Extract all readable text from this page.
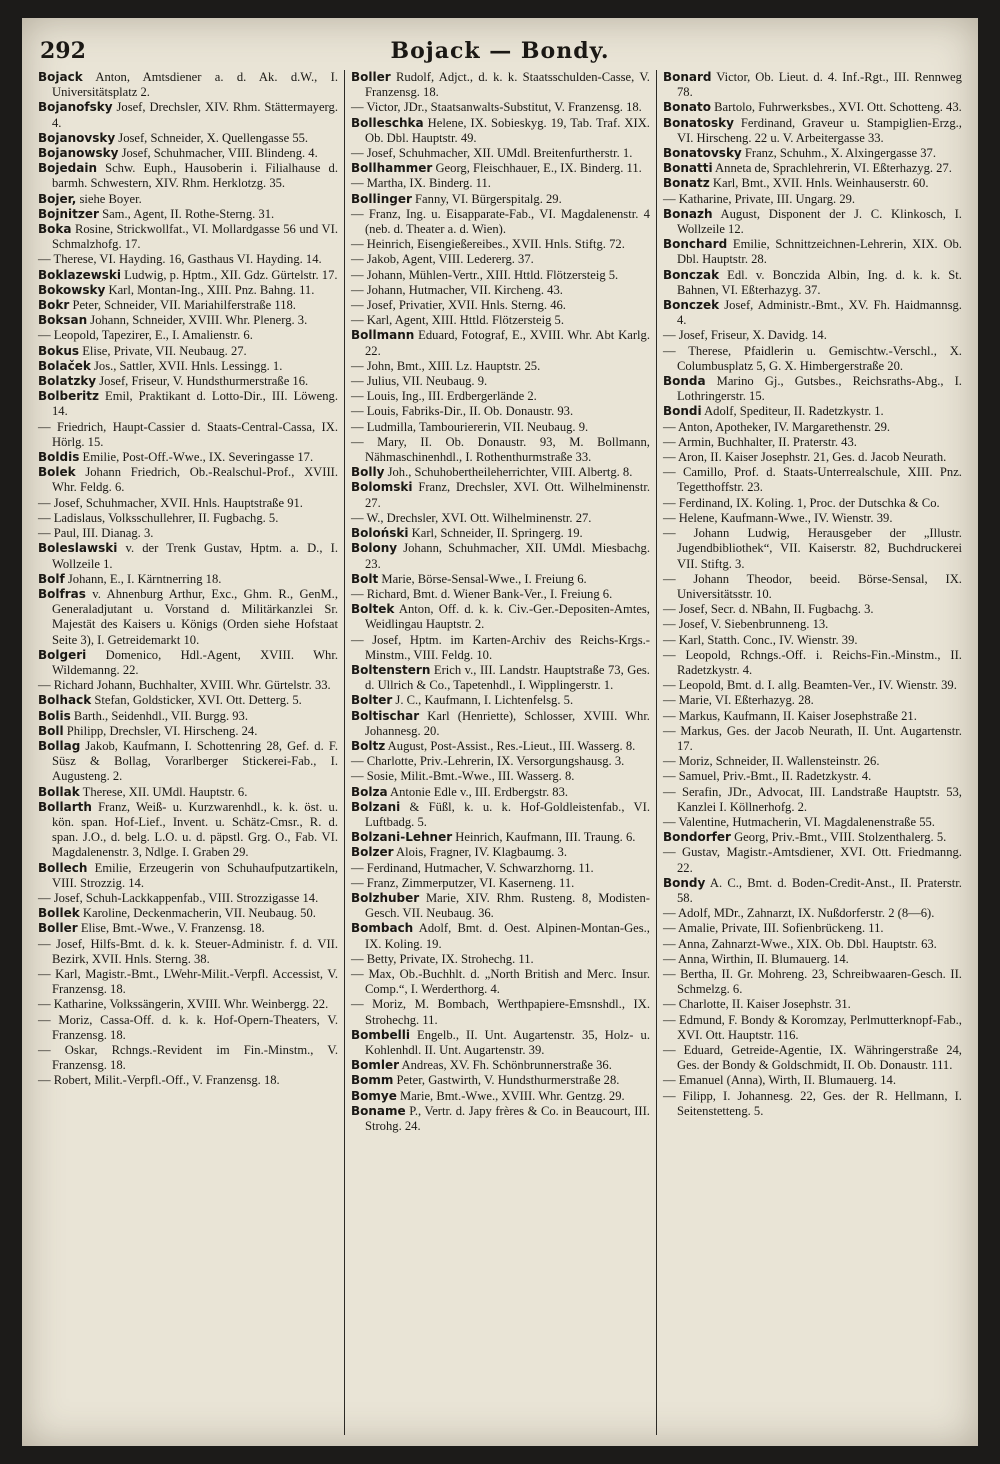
292	Bojack — Bondy.

Bojack Anton, Amtsdiener a. d. Ak. d.W., I. Universitätsplatz 2.

Bojanofsky Josef, Drechsler, XIV. Rhm. Stättermayerg. 4.

Bojanovsky Josef, Schneider, X. Quellengasse 55.

Bojanowsky Josef, Schuhmacher, VIII. Blindeng. 4.

Bojedain Schw. Euph., Hausoberin i. Filialhause d. barmh. Schwestern, XIV. Rhm. Herklotzg. 35.

Bojer, siehe Boyer.

Bojnitzer Sam., Agent, II. Rothe-Sterng. 31.

Boka Rosine, Strickwollfat., VI. Mollardgasse 56 und VI. Schmalzhofg. 17.

— Therese, VI. Hayding. 16, Gasthaus VI. Hayding. 14.

Boklazewski Ludwig, p. Hptm., XII. Gdz. Gürtelstr. 17.

Bokowsky Karl, Montan-Ing., XIII. Pnz. Bahng. 11.

Bokr Peter, Schneider, VII. Mariahilferstraße 118.

Boksan Johann, Schneider, XVIII. Whr. Plenerg. 3.

— Leopold, Tapezirer, E., I. Amalienstr. 6.

Bokus Elise, Private, VII. Neubaug. 27.

Bolaček Jos., Sattler, XVII. Hnls. Lessingg. 1.

Bolatzky Josef, Friseur, V. Hundsthurmerstraße 16.

Bolberitz Emil, Praktikant d. Lotto-Dir., III. Löweng. 14.

— Friedrich, Haupt-Cassier d. Staats-Central-Cassa, IX. Hörlg. 15.

Boldis Emilie, Post-Off.-Wwe., IX. Severingasse 17.

Bolek Johann Friedrich, Ob.-Realschul-Prof., XVIII. Whr. Feldg. 6.

— Josef, Schuhmacher, XVII. Hnls. Hauptstraße 91.

— Ladislaus, Volksschullehrer, II. Fugbachg. 5.

— Paul, III. Dianag. 3.

Boleslawski v. der Trenk Gustav, Hptm. a. D., I. Wollzeile 1.

Bolf Johann, E., I. Kärntnerring 18.

Bolfras v. Ahnenburg Arthur, Exc., Ghm. R., GenM., Generaladjutant u. Vorstand d. Militärkanzlei Sr. Majestät des Kaisers u. Königs (Orden siehe Hofstaat Seite 3), I. Getreidemarkt 10.

Bolgeri Domenico, Hdl.-Agent, XVIII. Whr. Wildemanng. 22.

— Richard Johann, Buchhalter, XVIII. Whr. Gürtelstr. 33.

Bolhack Stefan, Goldsticker, XVI. Ott. Detterg. 5.

Bolis Barth., Seidenhdl., VII. Burgg. 93.

Boll Philipp, Drechsler, VI. Hirscheng. 24.

Bollag Jakob, Kaufmann, I. Schottenring 28, Gef. d. F. Süsz & Bollag, Vorarlberger Stickerei-Fab., I. Augusteng. 2.

Bollak Therese, XII. UMdl. Hauptstr. 6.

Bollarth Franz, Weiß- u. Kurzwarenhdl., k. k. öst. u. kön. span. Hof-Lief., Invent. u. Schätz-Cmsr., R. d. span. J.O., d. belg. L.O. u. d. päpstl. Grg. O., Fab. VI. Magdalenenstr. 3, Ndlge. I. Graben 29.

Bollech Emilie, Erzeugerin von Schuhaufputzartikeln, VIII. Strozzig. 14.

— Josef, Schuh-Lackkappenfab., VIII. Strozzigasse 14.

Bollek Karoline, Deckenmacherin, VII. Neubaug. 50.

Boller Elise, Bmt.-Wwe., V. Franzensg. 18.

— Josef, Hilfs-Bmt. d. k. k. Steuer-Administr. f. d. VII. Bezirk, XVII. Hnls. Sterng. 38.

— Karl, Magistr.-Bmt., LWehr-Milit.-Verpfl. Accessist, V. Franzensg. 18.

— Katharine, Volkssängerin, XVIII. Whr. Weinbergg. 22.

— Moriz, Cassa-Off. d. k. k. Hof-Opern-Theaters, V. Franzensg. 18.

— Oskar, Rchngs.-Revident im Fin.-Minstm., V. Franzensg. 18.

— Robert, Milit.-Verpfl.-Off., V. Franzensg. 18.

Boller Rudolf, Adjct., d. k. k. Staatsschulden-Casse, V. Franzensg. 18.

— Victor, JDr., Staatsanwalts-Substitut, V. Franzensg. 18.

Bolleschka Helene, IX. Sobieskyg. 19, Tab. Traf. XIX. Ob. Dbl. Hauptstr. 49.

— Josef, Schuhmacher, XII. UMdl. Breitenfurtherstr. 1.

Bollhammer Georg, Fleischhauer, E., IX. Binderg. 11.

— Martha, IX. Binderg. 11.

Bollinger Fanny, VI. Bürgerspitalg. 29.

— Franz, Ing. u. Eisapparate-Fab., VI. Magdalenenstr. 4 (neb. d. Theater a. d. Wien).

— Heinrich, Eisengießereibes., XVII. Hnls. Stiftg. 72.

— Jakob, Agent, VIII. Ledererg. 37.

— Johann, Mühlen-Vertr., XIII. Httld. Flötzersteig 5.

— Johann, Hutmacher, VII. Kircheng. 43.

— Josef, Privatier, XVII. Hnls. Sterng. 46.

— Karl, Agent, XIII. Httld. Flötzersteig 5.

Bollmann Eduard, Fotograf, E., XVIII. Whr. Abt Karlg. 22.

— John, Bmt., XIII. Lz. Hauptstr. 25.

— Julius, VII. Neubaug. 9.

— Louis, Ing., III. Erdbergerlände 2.

— Louis, Fabriks-Dir., II. Ob. Donaustr. 93.

— Ludmilla, Tambouriererin, VII. Neubaug. 9.

— Mary, II. Ob. Donaustr. 93, M. Bollmann, Nähmaschinenhdl., I. Rothenthurmstraße 33.

Bolly Joh., Schuhobertheileherrichter, VIII. Albertg. 8.

Bolomski Franz, Drechsler, XVI. Ott. Wilhelminenstr. 27.

— W., Drechsler, XVI. Ott. Wilhelminenstr. 27.

Boloński Karl, Schneider, II. Springerg. 19.

Bolony Johann, Schuhmacher, XII. UMdl. Miesbachg. 23.

Bolt Marie, Börse-Sensal-Wwe., I. Freiung 6.

— Richard, Bmt. d. Wiener Bank-Ver., I. Freiung 6.

Boltek Anton, Off. d. k. k. Civ.-Ger.-Depositen-Amtes, Weidlingau Hauptstr. 2.

— Josef, Hptm. im Karten-Archiv des Reichs-Krgs.-Minstm., VIII. Feldg. 10.

Boltenstern Erich v., III. Landstr. Hauptstraße 73, Ges. d. Ullrich & Co., Tapetenhdl., I. Wipplingerstr. 1.

Bolter J. C., Kaufmann, I. Lichtenfelsg. 5.

Boltischar Karl (Henriette), Schlosser, XVIII. Whr. Johannesg. 20.

Boltz August, Post-Assist., Res.-Lieut., III. Wasserg. 8.

— Charlotte, Priv.-Lehrerin, IX. Versorgungshausg. 3.

— Sosie, Milit.-Bmt.-Wwe., III. Wasserg. 8.

Bolza Antonie Edle v., III. Erdbergstr. 83.

Bolzani & Füßl, k. u. k. Hof-Goldleistenfab., VI. Luftbadg. 5.

Bolzani-Lehner Heinrich, Kaufmann, III. Traung. 6.

Bolzer Alois, Fragner, IV. Klagbaumg. 3.

— Ferdinand, Hutmacher, V. Schwarzhorng. 11.

— Franz, Zimmerputzer, VI. Kaserneng. 11.

Bolzhuber Marie, XIV. Rhm. Rusteng. 8, Modisten-Gesch. VII. Neubaug. 36.

Bombach Adolf, Bmt. d. Oest. Alpinen-Montan-Ges., IX. Koling. 19.

— Betty, Private, IX. Strohechg. 11.

— Max, Ob.-Buchhlt. d. „North British and Merc. Insur. Comp.“, I. Werderthorg. 4.

— Moriz, M. Bombach, Werthpapiere-Emsnshdl., IX. Strohechg. 11.

Bombelli Engelb., II. Unt. Augartenstr. 35, Holz- u. Kohlenhdl. II. Unt. Augartenstr. 39.

Bomler Andreas, XV. Fh. Schönbrunnerstraße 36.

Bomm Peter, Gastwirth, V. Hundsthurmerstraße 28.

Bomye Marie, Bmt.-Wwe., XVIII. Whr. Gentzg. 29.

Boname P., Vertr. d. Japy frères & Co. in Beaucourt, III. Strohg. 24.

Bonard Victor, Ob. Lieut. d. 4. Inf.-Rgt., III. Rennweg 78.

Bonato Bartolo, Fuhrwerksbes., XVI. Ott. Schotteng. 43.

Bonatosky Ferdinand, Graveur u. Stampiglien-Erzg., VI. Hirscheng. 22 u. V. Arbeitergasse 33.

Bonatovsky Franz, Schuhm., X. Alxingergasse 37.

Bonatti Anneta de, Sprachlehrerin, VI. Eßterhazyg. 27.

Bonatz Karl, Bmt., XVII. Hnls. Weinhauserstr. 60.

— Katharine, Private, III. Ungarg. 29.

Bonazh August, Disponent der J. C. Klinkosch, I. Wollzeile 12.

Bonchard Emilie, Schnittzeichnen-Lehrerin, XIX. Ob. Dbl. Hauptstr. 28.

Bonczak Edl. v. Bonczida Albin, Ing. d. k. k. St. Bahnen, VI. Eßterhazyg. 37.

Bonczek Josef, Administr.-Bmt., XV. Fh. Haidmannsg. 4.

— Josef, Friseur, X. Davidg. 14.

— Therese, Pfaidlerin u. Gemischtw.-Verschl., X. Columbusplatz 5, G. X. Himbergerstraße 20.

Bonda Marino Gj., Gutsbes., Reichsraths-Abg., I. Lothringerstr. 15.

Bondi Adolf, Spediteur, II. Radetzkystr. 1.

— Anton, Apotheker, IV. Margarethenstr. 29.

— Armin, Buchhalter, II. Praterstr. 43.

— Aron, II. Kaiser Josephstr. 21, Ges. d. Jacob Neurath.

— Camillo, Prof. d. Staats-Unterrealschule, XIII. Pnz. Tegetthoffstr. 23.

— Ferdinand, IX. Koling. 1, Proc. der Dutschka & Co.

— Helene, Kaufmann-Wwe., IV. Wienstr. 39.

— Johann Ludwig, Herausgeber der „Illustr. Jugendbibliothek“, VII. Kaiserstr. 82, Buchdruckerei VII. Stiftg. 3.

— Johann Theodor, beeid. Börse-Sensal, IX. Universitätsstr. 10.

— Josef, Secr. d. NBahn, II. Fugbachg. 3.

— Josef, V. Siebenbrunneng. 13.

— Karl, Statth. Conc., IV. Wienstr. 39.

— Leopold, Rchngs.-Off. i. Reichs-Fin.-Minstm., II. Radetzkystr. 4.

— Leopold, Bmt. d. I. allg. Beamten-Ver., IV. Wienstr. 39.

— Marie, VI. Eßterhazyg. 28.

— Markus, Kaufmann, II. Kaiser Josephstraße 21.

— Markus, Ges. der Jacob Neurath, II. Unt. Augartenstr. 17.

— Moriz, Schneider, II. Wallensteinstr. 26.

— Samuel, Priv.-Bmt., II. Radetzkystr. 4.

— Serafin, JDr., Advocat, III. Landstraße Hauptstr. 53, Kanzlei I. Köllnerhofg. 2.

— Valentine, Hutmacherin, VI. Magdalenenstraße 55.

Bondorfer Georg, Priv.-Bmt., VIII. Stolzenthalerg. 5.

— Gustav, Magistr.-Amtsdiener, XVI. Ott. Friedmanng. 22.

Bondy A. C., Bmt. d. Boden-Credit-Anst., II. Praterstr. 58.

— Adolf, MDr., Zahnarzt, IX. Nußdorferstr. 2 (8—6).

— Amalie, Private, III. Sofienbrückeng. 11.

— Anna, Zahnarzt-Wwe., XIX. Ob. Dbl. Hauptstr. 63.

— Anna, Wirthin, II. Blumauerg. 14.

— Bertha, II. Gr. Mohreng. 23, Schreibwaaren-Gesch. II. Schmelzg. 6.

— Charlotte, II. Kaiser Josephstr. 31.

— Edmund, F. Bondy & Koromzay, Perlmutterknopf-Fab., XVI. Ott. Hauptstr. 116.

— Eduard, Getreide-Agentie, IX. Währingerstraße 24, Ges. der Bondy & Goldschmidt, II. Ob. Donaustr. 111.

— Emanuel (Anna), Wirth, II. Blumauerg. 14.

— Filipp, I. Johannesg. 22, Ges. der R. Hellmann, I. Seitenstetteng. 5.
